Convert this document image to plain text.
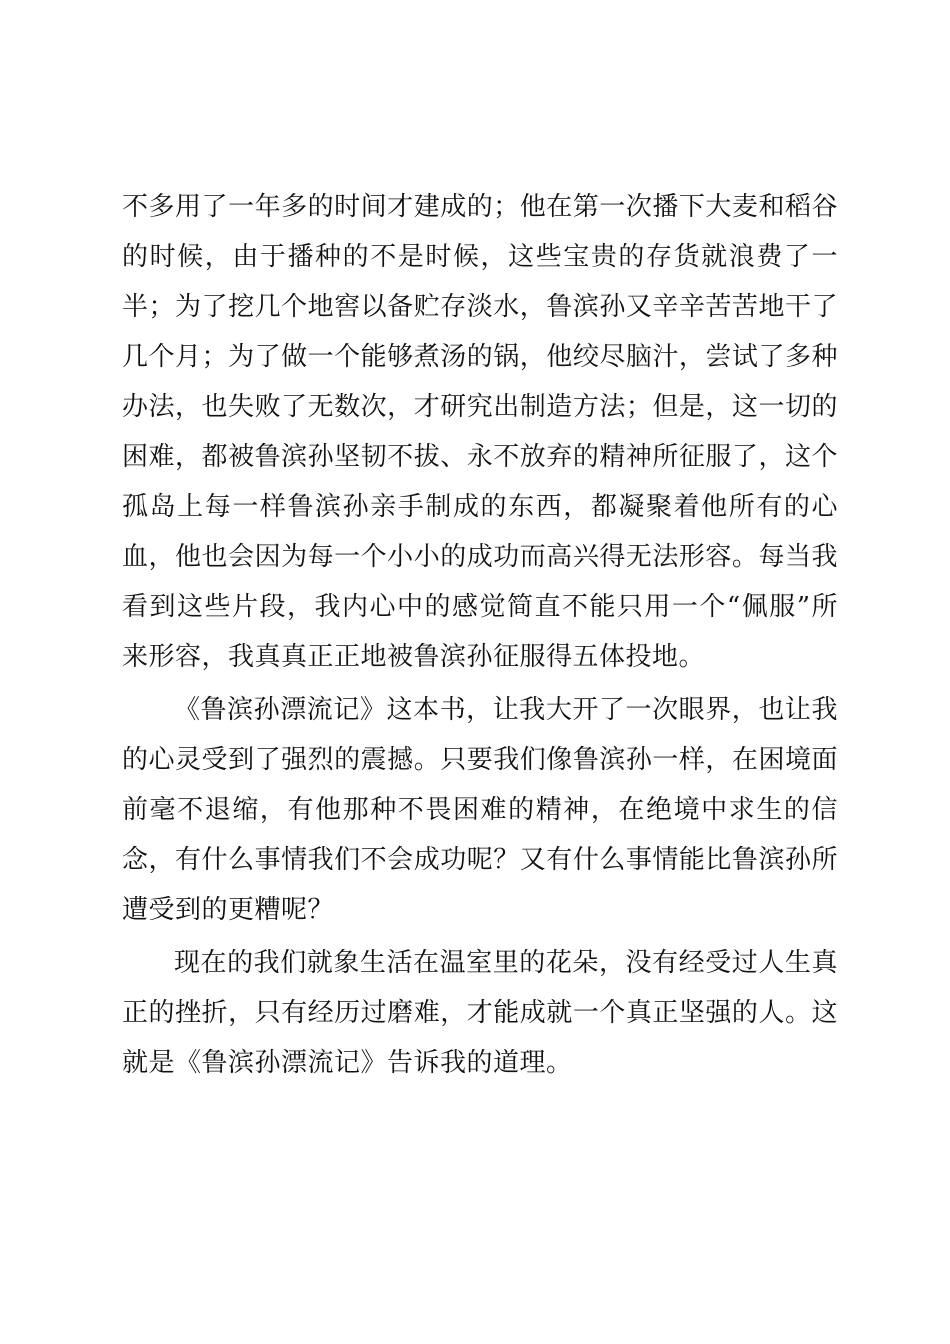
不多用了一年多的时间才建成的；他在第一次播下大麦和稻谷的时候，由于播种的不是时候，这些宝贵的存货就浪费了一半；为了挖几个地窖以备贮存淡水，鲁滨孙又辛辛苦苦地干了几个月；为了做一个能够煮汤的锅，他绞尽脑汁，尝试了多种办法，也失败了无数次，才研究出制造方法；但是，这一切的困难，都被鲁滨孙坚韧不拔、永不放弃的精神所征服了，这个孤岛上每一样鲁滨孙亲手制成的东西，都凝聚着他所有的心血，他也会因为每一个小小的成功而高兴得无法形容。每当我看到这些片段，我内心中的感觉简直不能只用一个“佩服”所来形容，我真真正正地被鲁滨孙征服得五体投地。

《鲁滨孙漂流记》这本书，让我大开了一次眼界，也让我的心灵受到了强烈的震撼。只要我们像鲁滨孙一样，在困境面前毫不退缩，有他那种不畏困难的精神，在绝境中求生的信念，有什么事情我们不会成功呢？又有什么事情能比鲁滨孙所遭受到的更糟呢？

现在的我们就象生活在温室里的花朵，没有经受过人生真正的挫折，只有经历过磨难，才能成就一个真正坚强的人。这就是《鲁滨孙漂流记》告诉我的道理。
